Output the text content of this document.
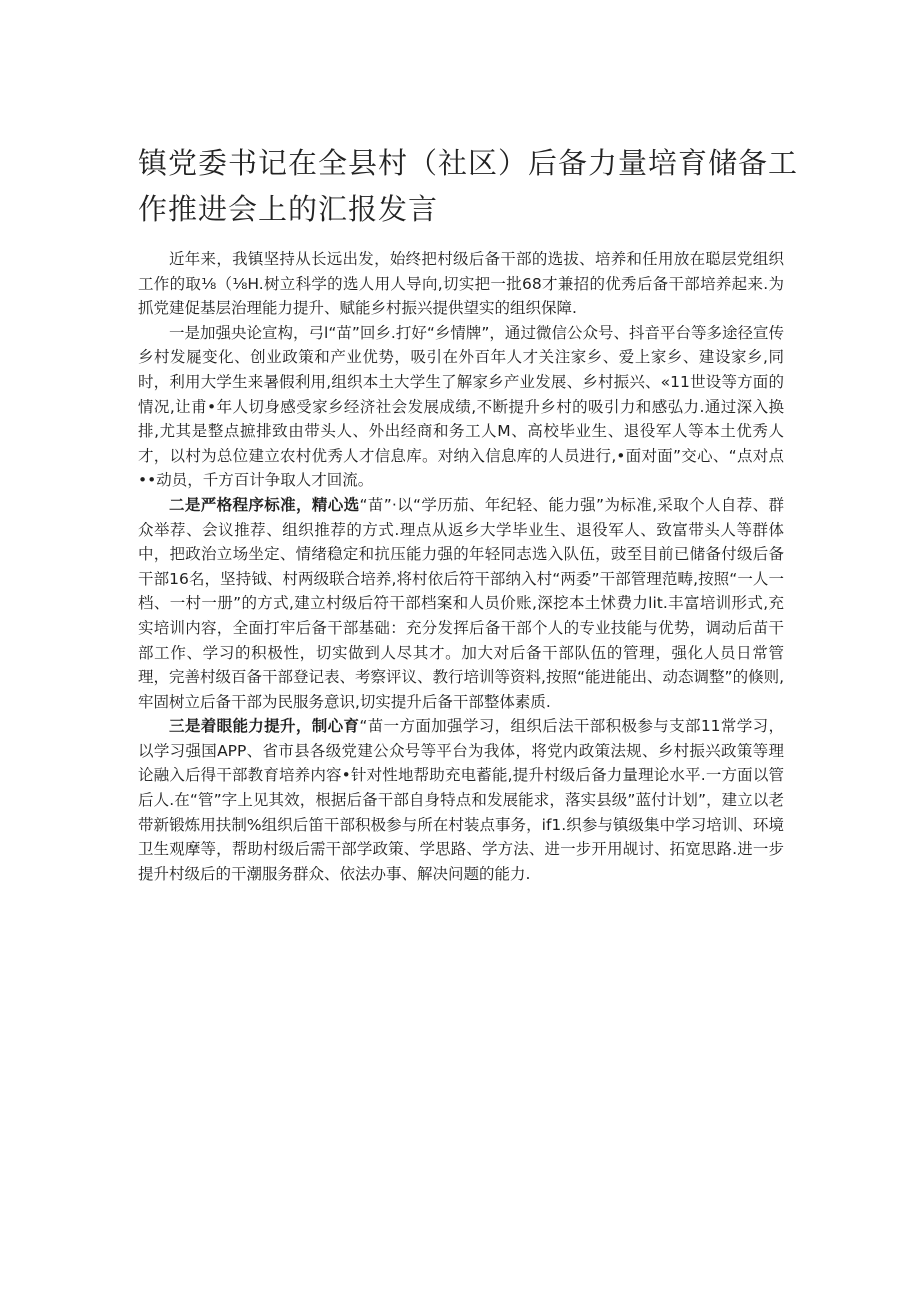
镇党委书记在全县村（社区）后备力量培育储备工作推进会上的汇报发言

近年来，我镇坚持从长远出发，始终把村级后备干部的选拔、培养和任用放在聪层党组织工作的取⅛（⅛H.树立科学的选人用人导向,切实把一批68才兼招的优秀后备干部培养起来.为抓党建促基层治理能力提升、赋能乡村振兴提供望实的组织保障.

一是加强央论宣构，弓l“苗”回乡.打好“乡情牌”，通过微信公众号、抖音平台等多途径宣传乡村发屣变化、创业政策和产业优势，吸引在外百年人才关注家乡、爱上家乡、建设家乡,同时，利用大学生来暑假利用,组织本土大学生了解家乡产业发展、乡村振兴、«11世设等方面的情况,让甫•年人切身感受家乡经济社会发展成绩,不断提升乡村的吸引力和感弘力.通过深入换排,尤其是整点摭排致由带头人、外出经商和务工人M、高校毕业生、退役军人等本土优秀人才，以村为总位建立农村优秀人才信息库。对纳入信息库的人员进行,•面对面”交心、“点对点••动员，千方百计争取人才回流。

二是严格程序标准，精心选“苗”·以“学历茄、年纪轻、能力强”为标准,采取个人自荐、群众举荐、会议推荐、组织推荐的方式.理点从返乡大学毕业生、退役军人、致富带头人等群体中，把政治立场坐定、情绪稳定和抗压能力强的年轻同志选入队伍，豉至目前已储备付级后备干部16名，坚持钺、村两级联合培养,将村依后符干部纳入村“两委”干部管理范畴,按照“一人一档、一村一册”的方式,建立村级后符干部档案和人员价账,深挖本土怵费力lit.丰富培训形式,充实培训内容，全面打牢后备干部基础：充分发挥后备干部个人的专业技能与优势，调动后苗干部工作、学习的积极性，切实做到人尽其才。加大对后备干部队伍的管理，强化人员日常管理，完善村级百备干部登记表、考察评议、教行培训等资料,按照“能进能出、动态调整”的倏则,牢固树立后备干部为民服务意识,切实提升后备干部整体素质.

三是着眼能力提升，制心育“苗一方面加强学习，组织后法干部积极参与支部11常学习，以学习强国APP、省市县各级党建公众号等平台为我体，将党内政策法规、乡村振兴政策等理论融入后得干部教育培养内容•针对性地帮助充电蓄能,提升村级后备力量理论水平.一方面以管后人.在“管”字上见其效，根据后备干部自身特点和发展能求，落实县级”蓝付计划”，建立以老带新锻炼用扶制%组织后笛干部积极参与所在村装点事务，if1.织参与镇级集中学习培训、环境卫生观摩等，帮助村级后需干部学政策、学思路、学方法、进一步开用觇讨、拓宽思路.进一步提升村级后的干潮服务群众、依法办事、解决问题的能力.
